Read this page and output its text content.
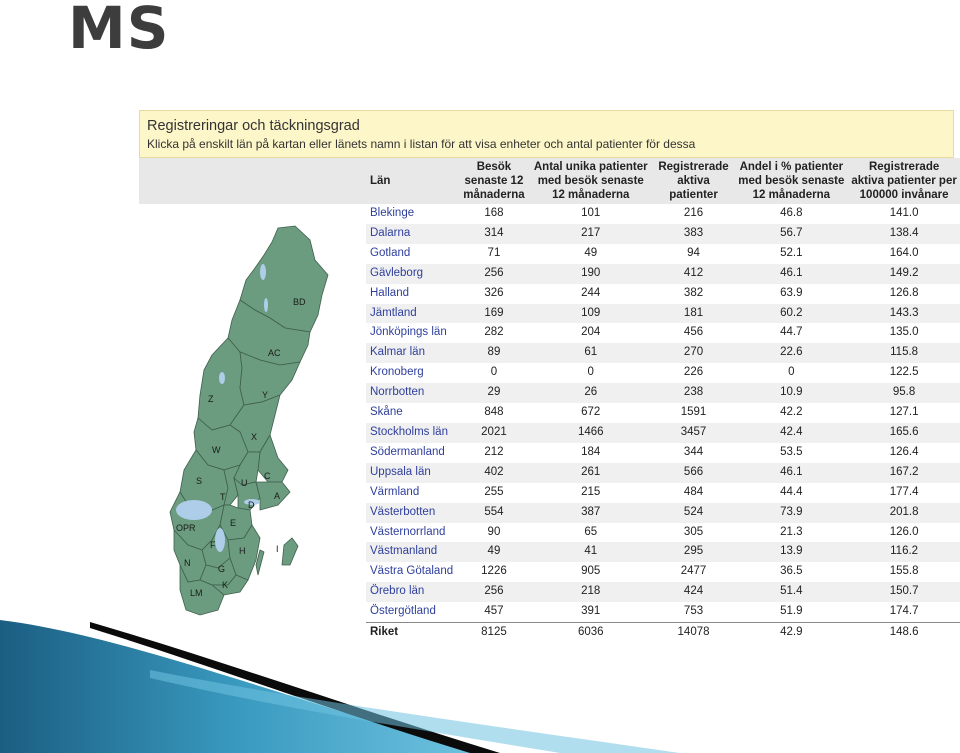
MS
Registreringar och täckningsgrad
Klicka på enskilt län på kartan eller länets namn i listan för att visa enheter och antal patienter för dessa
BD
AC
Z	Y
X
W
C
U
S
T
D
A
OPR	E
F
H
N
G
K
LM
I
Län	Besök senaste 12 månaderna	Antal unika patienter med besök senaste 12 månaderna	Registrerade aktiva patienter	Andel i % patienter med besök senaste 12 månaderna	Registrerade aktiva patienter per 100000 invånare
Blekinge	168	101	216	46.8	141.0
Dalarna	314	217	383	56.7	138.4
Gotland	71	49	94	52.1	164.0
Gävleborg	256	190	412	46.1	149.2
Halland	326	244	382	63.9	126.8
Jämtland	169	109	181	60.2	143.3
Jönköpings län	282	204	456	44.7	135.0
Kalmar län	89	61	270	22.6	115.8
Kronoberg	0	0	226	0	122.5
Norrbotten	29	26	238	10.9	95.8
Skåne	848	672	1591	42.2	127.1
Stockholms län	2021	1466	3457	42.4	165.6
Södermanland	212	184	344	53.5	126.4
Uppsala län	402	261	566	46.1	167.2
Värmland	255	215	484	44.4	177.4
Västerbotten	554	387	524	73.9	201.8
Västernorrland	90	65	305	21.3	126.0
Västmanland	49	41	295	13.9	116.2
Västra Götaland	1226	905	2477	36.5	155.8
Örebro län	256	218	424	51.4	150.7
Östergötland	457	391	753	51.9	174.7
Riket	8125	6036	14078	42.9	148.6
